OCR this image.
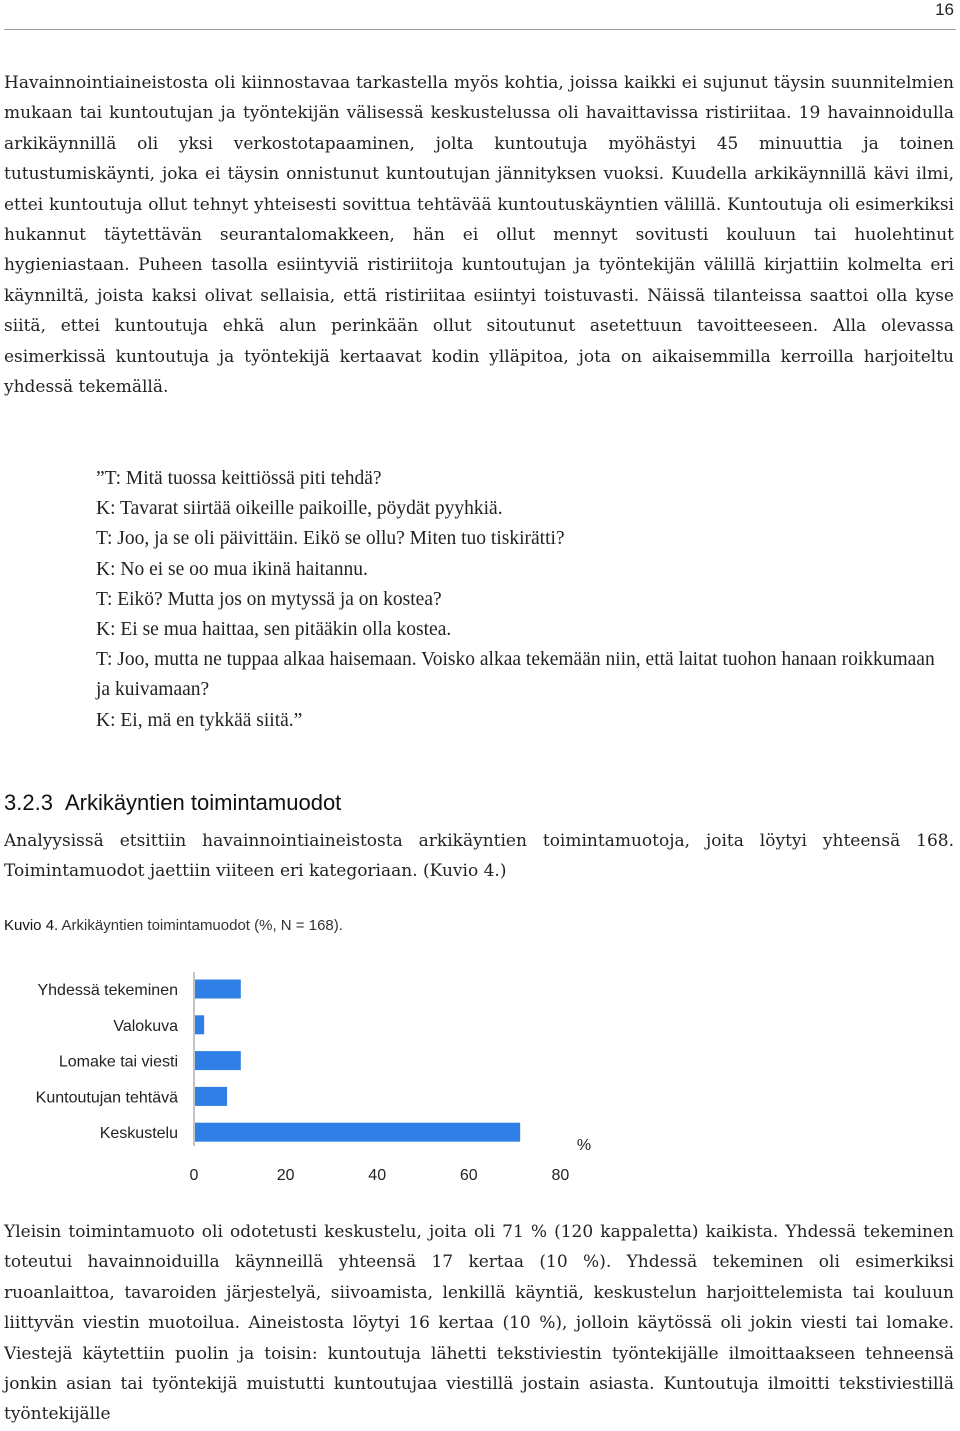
16

Havainnointiaineistosta oli kiinnostavaa tarkastella myös kohtia, joissa kaikki ei sujunut täysin suunnitelmien mukaan tai kuntoutujan ja työntekijän välisessä keskustelussa oli havaittavissa ristiriitaa. 19 havainnoidulla arkikäynnillä oli yksi verkostotapaaminen, jolta kuntoutuja myöhästyi 45 minuuttia ja toinen tutustumiskäynti, joka ei täysin onnistunut kuntoutujan jännityksen vuoksi. Kuudella arkikäynnillä kävi ilmi, ettei kuntoutuja ollut tehnyt yhteisesti sovittua tehtävää kuntoutuskäyntien välillä. Kuntoutuja oli esimerkiksi hukannut täytettävän seurantalomakkeen, hän ei ollut mennyt sovitusti kouluun tai huolehtinut hygieniastaan. Puheen tasolla esiintyviä ristiriitoja kuntoutujan ja työntekijän välillä kirjattiin kolmelta eri käynniltä, joista kaksi olivat sellaisia, että ristiriitaa esiintyi toistuvasti. Näissä tilanteissa saattoi olla kyse siitä, ettei kuntoutuja ehkä alun perinkään ollut sitoutunut asetettuun tavoitteeseen. Alla olevassa esimerkissä kuntoutuja ja työntekijä kertaavat kodin ylläpitoa, jota on aikaisemmilla kerroilla harjoiteltu yhdessä tekemällä.

”T: Mitä tuossa keittiössä piti tehdä?
K: Tavarat siirtää oikeille paikoille, pöydät pyyhkiä.
T: Joo, ja se oli päivittäin. Eikö se ollu? Miten tuo tiskirätti?
K: No ei se oo mua ikinä haitannu.
T: Eikö? Mutta jos on mytyssä ja on kostea?
K: Ei se mua haittaa, sen pitääkin olla kostea.
T: Joo, mutta ne tuppaa alkaa haisemaan. Voisko alkaa tekemään niin, että laitat tuohon hanaan roikkumaan ja kuivamaan?
K: Ei, mä en tykkää siitä.”
3.2.3 Arkikäyntien toimintamuodot

Analyysissä etsittiin havainnointiaineistosta arkikäyntien toimintamuotoja, joita löytyi yhteensä 168. Toimintamuodot jaettiin viiteen eri kategoriaan. (Kuvio 4.)

Kuvio 4. Arkikäyntien toimintamuodot (%, N = 168).

Yhdessä tekeminen
Valokuva
Lomake tai viesti
Kuntoutujan tehtävä
Keskustelu
0	20	40	60	80
%

Yleisin toimintamuoto oli odotetusti keskustelu, joita oli 71 % (120 kappaletta) kaikista. Yhdessä tekeminen toteutui havainnoiduilla käynneillä yhteensä 17 kertaa (10 %). Yhdessä tekeminen oli esimerkiksi ruoanlaittoa, tavaroiden järjestelyä, siivoamista, lenkillä käyntiä, keskustelun harjoittelemista tai kouluun liittyvän viestin muotoilua. Aineistosta löytyi 16 kertaa (10 %), jolloin käytössä oli jokin viesti tai lomake. Viestejä käytettiin puolin ja toisin: kuntoutuja lähetti tekstiviestin työntekijälle ilmoittaakseen tehneensä jonkin asian tai työntekijä muistutti kuntoutujaa viestillä jostain asiasta. Kuntoutuja ilmoitti tekstiviestillä työntekijälle
